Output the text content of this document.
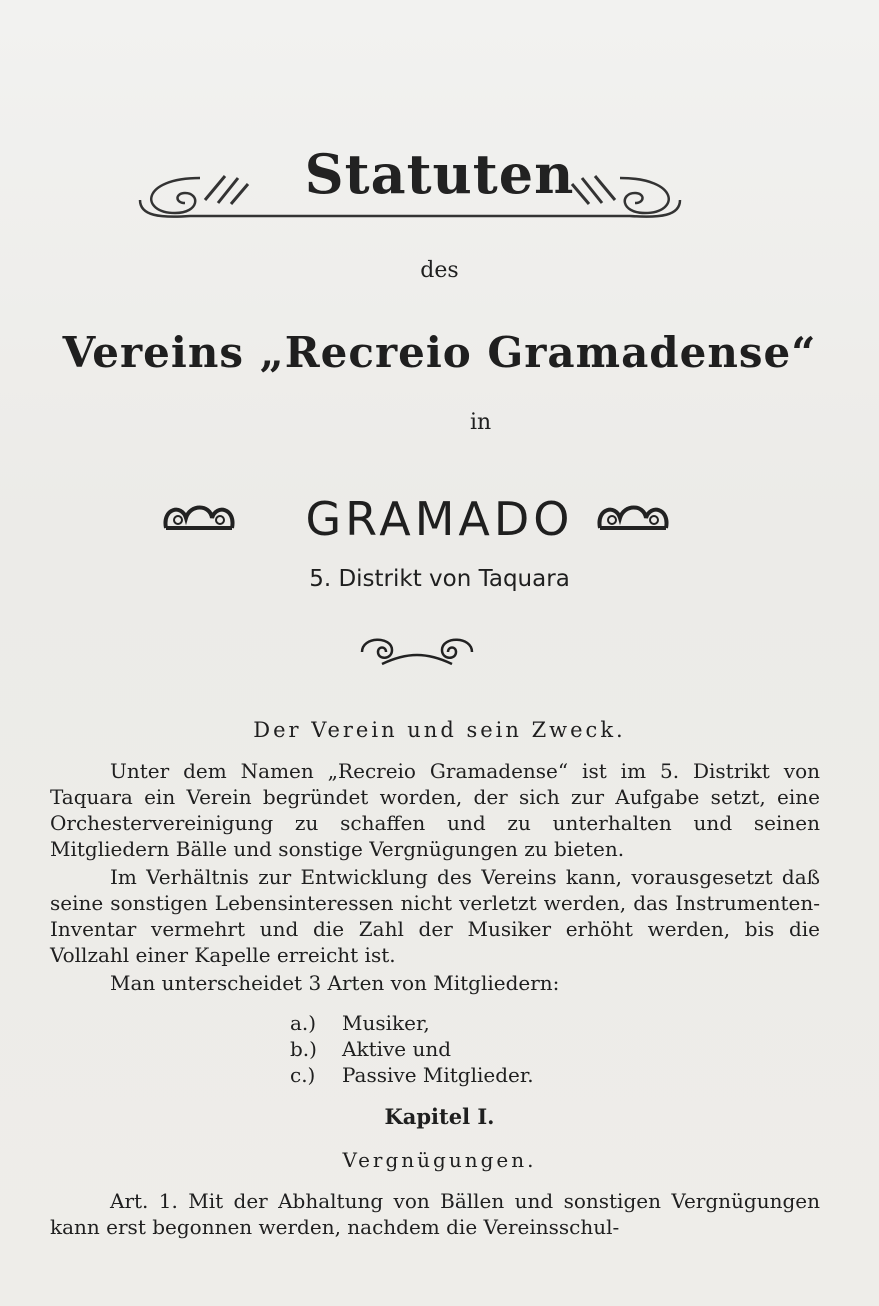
Statuten
des
Vereins „Recreio Gramadense“
in
GRAMADO
5. Distrikt von Taquara
Der Verein und sein Zweck.
Unter dem Namen „Recreio Gramadense“ ist im 5. Distrikt von Taquara ein Verein begründet worden, der sich zur Aufgabe setzt, eine Orchestervereinigung zu schaffen und zu unterhalten und seinen Mitgliedern Bälle und sonstige Vergnügungen zu bieten.
Im Verhältnis zur Entwicklung des Vereins kann, vorausgesetzt daß seine sonstigen Lebensinteressen nicht verletzt werden, das Instrumenten-Inventar vermehrt und die Zahl der Musiker erhöht werden, bis die Vollzahl einer Kapelle erreicht ist.
Man unterscheidet 3 Arten von Mitgliedern:
a.) Musiker,
b.) Aktive und
c.) Passive Mitglieder.
Kapitel I.
Vergnügungen.
Art. 1. Mit der Abhaltung von Bällen und sonstigen Vergnügungen kann erst begonnen werden, nachdem die Vereinsschul-
